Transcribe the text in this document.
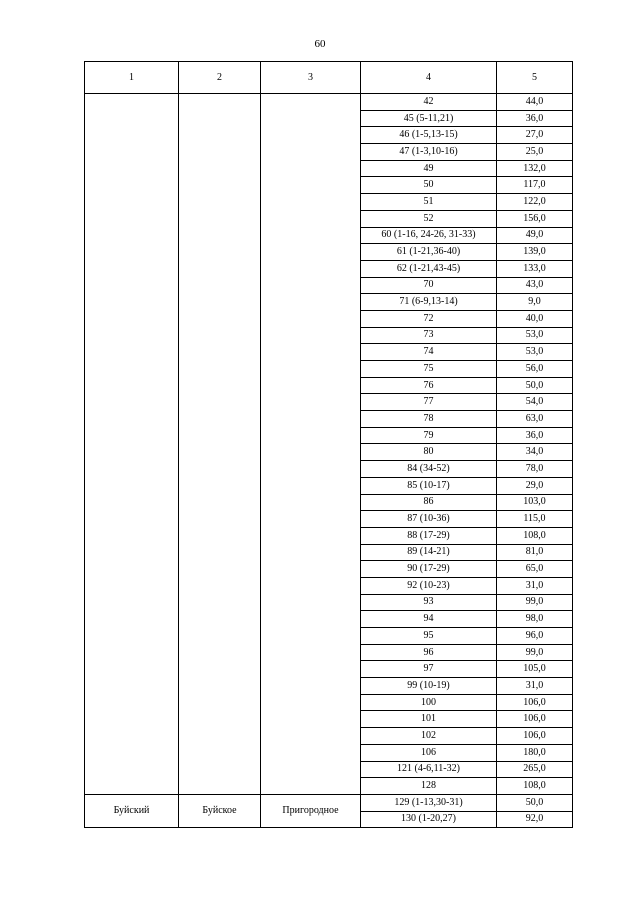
60
1	2	3	4	5
			42	44,0
			45 (5-11,21)	36,0
			46 (1-5,13-15)	27,0
			47 (1-3,10-16)	25,0
			49	132,0
			50	117,0
			51	122,0
			52	156,0
			60 (1-16, 24-26, 31-33)	49,0
			61 (1-21,36-40)	139,0
			62 (1-21,43-45)	133,0
			70	43,0
			71 (6-9,13-14)	9,0
			72	40,0
			73	53,0
			74	53,0
			75	56,0
			76	50,0
			77	54,0
			78	63,0
			79	36,0
			80	34,0
			84 (34-52)	78,0
			85 (10-17)	29,0
			86	103,0
			87 (10-36)	115,0
			88 (17-29)	108,0
			89 (14-21)	81,0
			90 (17-29)	65,0
			92 (10-23)	31,0
			93	99,0
			94	98,0
			95	96,0
			96	99,0
			97	105,0
			99 (10-19)	31,0
			100	106,0
			101	106,0
			102	106,0
			106	180,0
			121 (4-6,11-32)	265,0
			128	108,0
Буйский	Буйское	Пригородное	129 (1-13,30-31)	50,0
			130 (1-20,27)	92,0
